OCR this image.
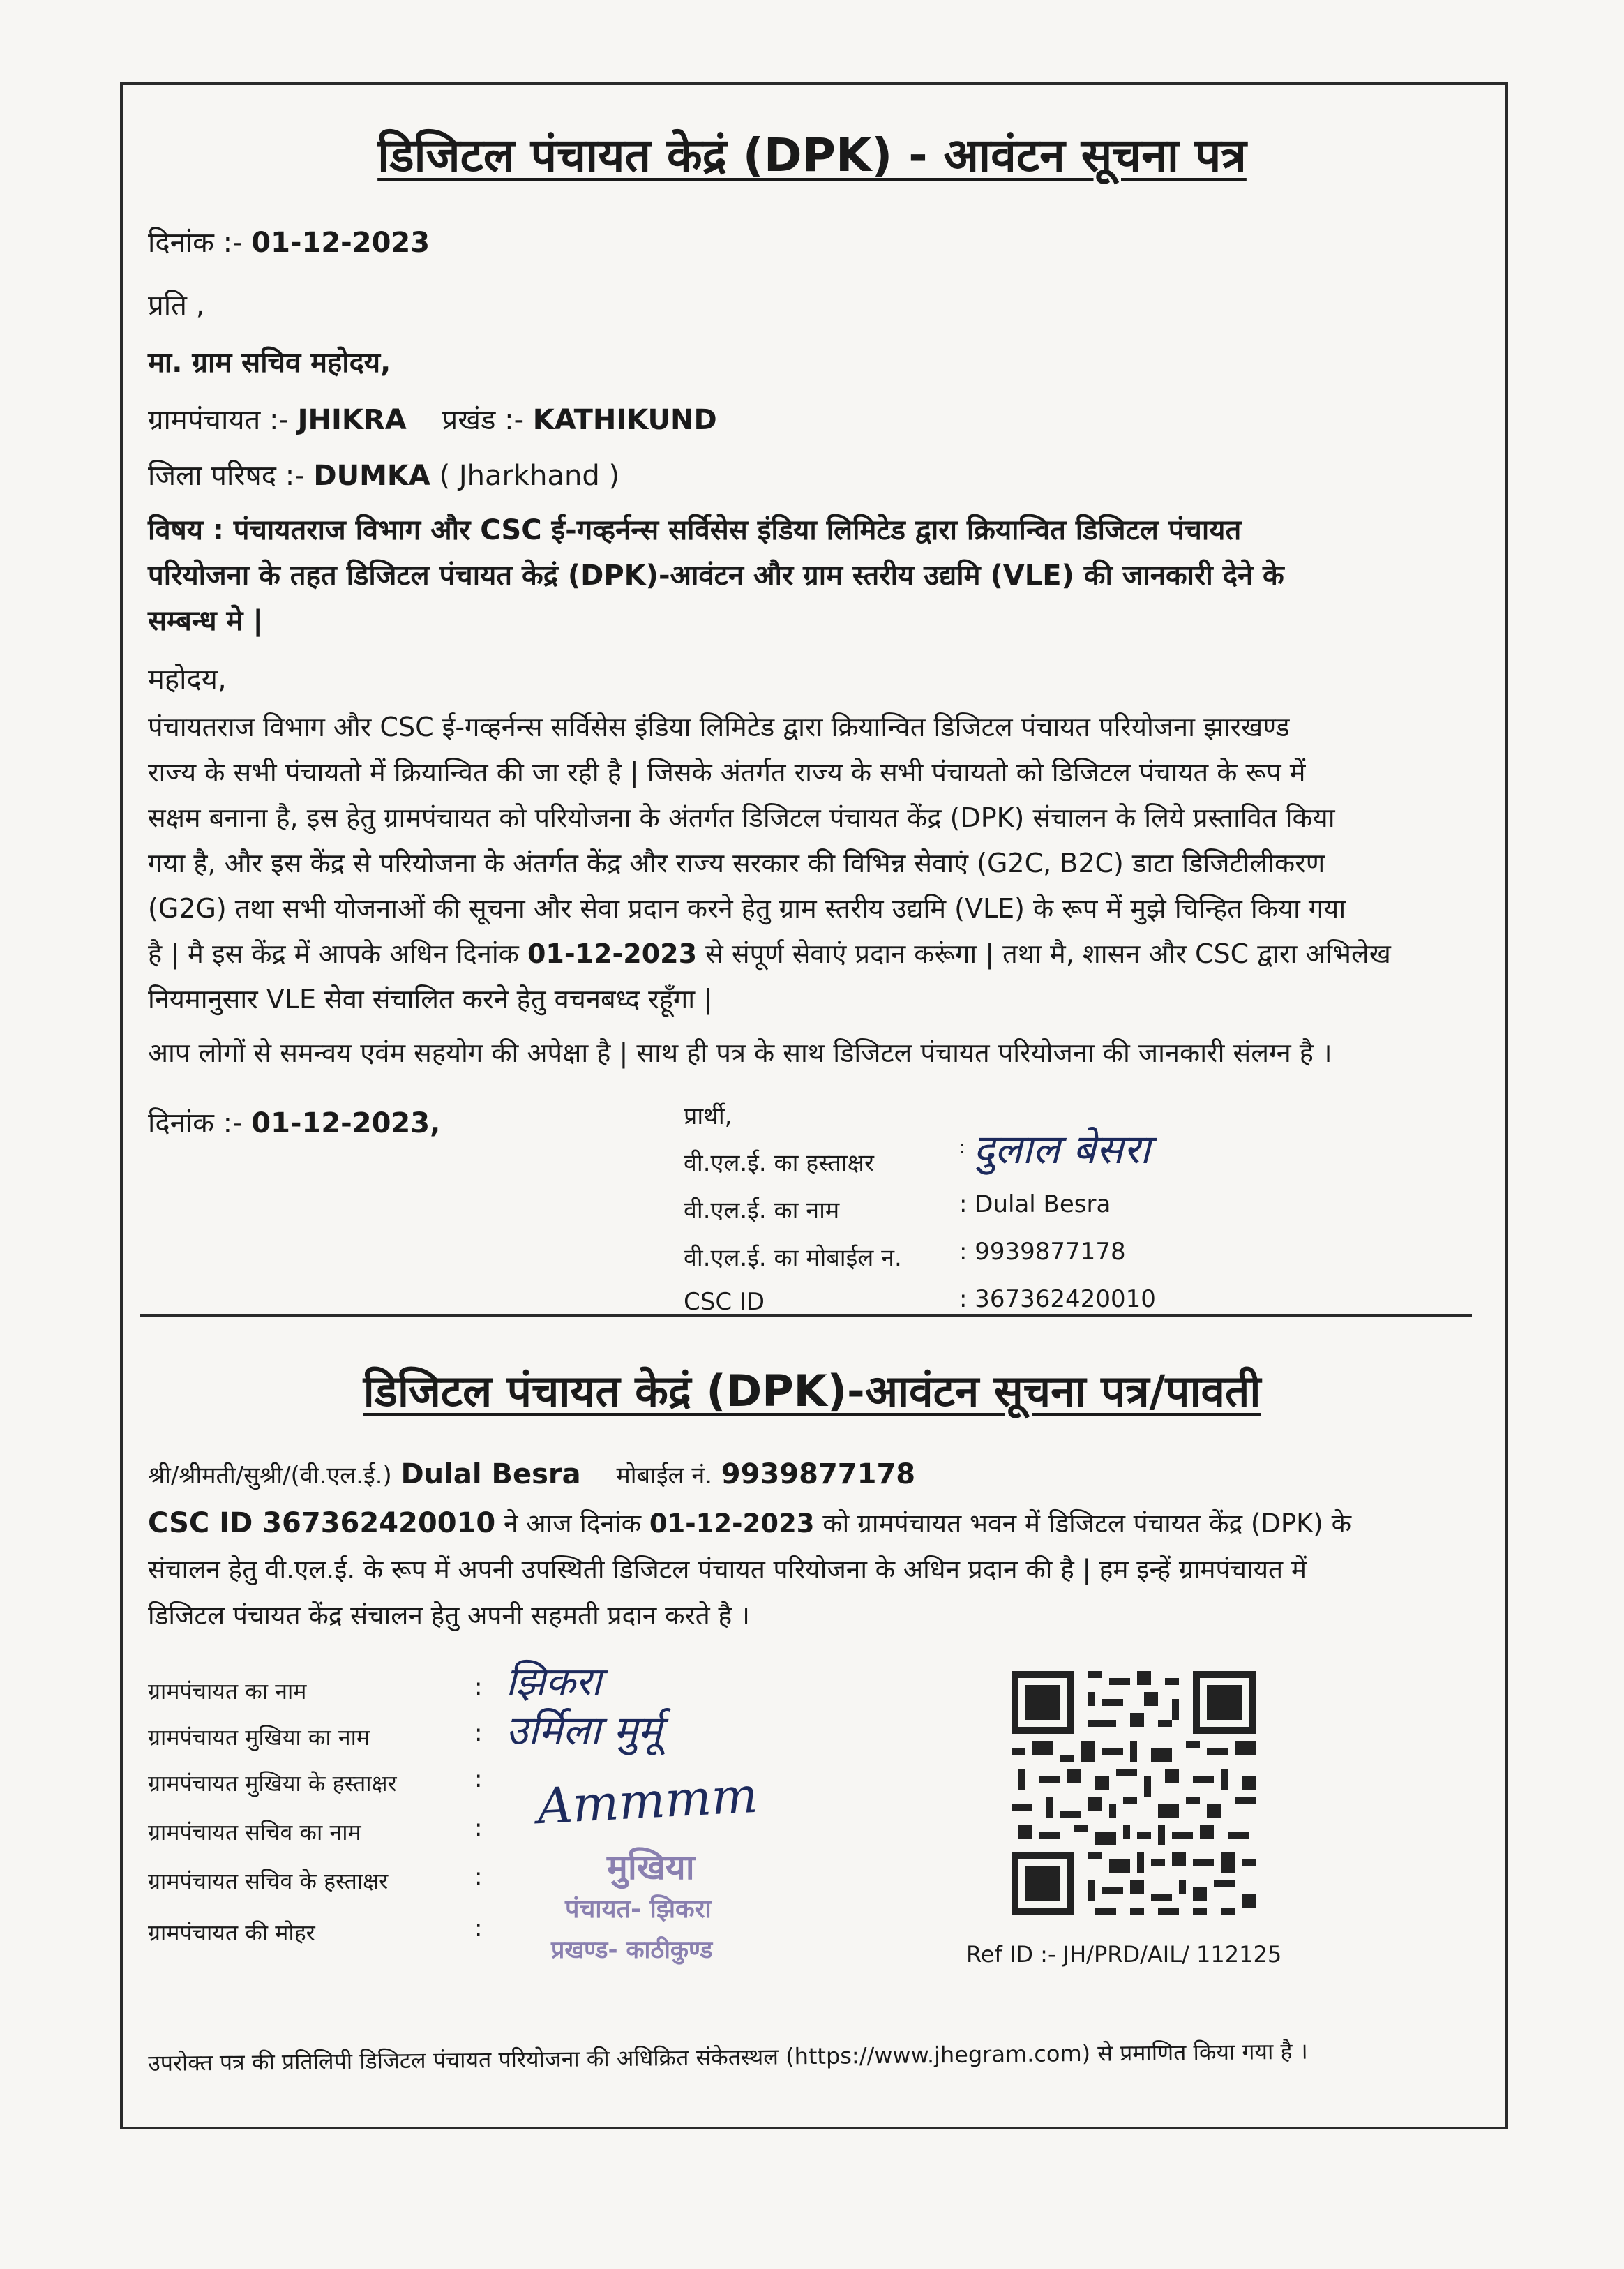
डिजिटल पंचायत केद्रं (DPK) - आवंटन सूचना पत्र
दिनांक :- 01-12-2023
प्रति ,
मा. ग्राम सचिव महोदय,
ग्रामपंचायत :- JHIKRA प्रखंड :- KATHIKUND
जिला परिषद :- DUMKA ( Jharkhand )
विषय : पंचायतराज विभाग और CSC ई-गव्हर्नन्स सर्विसेस इंडिया लिमिटेड द्वारा क्रियान्वित डिजिटल पंचायत
परियोजना के तहत डिजिटल पंचायत केद्रं (DPK)-आवंटन और ग्राम स्तरीय उद्यमि (VLE) की जानकारी देने के
सम्बन्ध मे |
महोदय,
पंचायतराज विभाग और CSC ई-गव्हर्नन्स सर्विसेस इंडिया लिमिटेड द्वारा क्रियान्वित डिजिटल पंचायत परियोजना झारखण्ड
राज्य के सभी पंचायतो में क्रियान्वित की जा रही है | जिसके अंतर्गत राज्य के सभी पंचायतो को डिजिटल पंचायत के रूप में
सक्षम बनाना है, इस हेतु ग्रामपंचायत को परियोजना के अंतर्गत डिजिटल पंचायत केंद्र (DPK) संचालन के लिये प्रस्तावित किया
गया है, और इस केंद्र से परियोजना के अंतर्गत केंद्र और राज्य सरकार की विभिन्न सेवाएं (G2C, B2C) डाटा डिजिटीलीकरण
(G2G) तथा सभी योजनाओं की सूचना और सेवा प्रदान करने हेतु ग्राम स्तरीय उद्यमि (VLE) के रूप में मुझे चिन्हित किया गया
है | मै इस केंद्र में आपके अधिन दिनांक 01-12-2023 से संपूर्ण सेवाएं प्रदान करूंगा | तथा मै, शासन और CSC द्वारा अभिलेख
नियमानुसार VLE सेवा संचालित करने हेतु वचनबध्द रहूँगा |
आप लोगों से समन्वय एवंम सहयोग की अपेक्षा है | साथ ही पत्र के साथ डिजिटल पंचायत परियोजना की जानकारी संलग्न है ।
दिनांक :- 01-12-2023,	प्रार्थी,
वी.एल.ई. का हस्ताक्षर
: दुलाल बेसरा
वी.एल.ई. का नाम	: Dulal Besra
वी.एल.ई. का मोबाईल न. : 9939877178
CSC ID	: 367362420010
डिजिटल पंचायत केद्रं (DPK)-आवंटन सूचना पत्र/पावती
श्री/श्रीमती/सुश्री/(वी.एल.ई.) Dulal Besra मोबाईल नं. 9939877178
CSC ID 367362420010 ने आज दिनांक 01-12-2023 को ग्रामपंचायत भवन में डिजिटल पंचायत केंद्र (DPK) के
संचालन हेतु वी.एल.ई. के रूप में अपनी उपस्थिती डिजिटल पंचायत परियोजना के अधिन प्रदान की है | हम इन्हें ग्रामपंचायत में
डिजिटल पंचायत केंद्र संचालन हेतु अपनी सहमती प्रदान करते है ।
ग्रामपंचायत का नाम	: झिकरा
ग्रामपंचायत मुखिया का नाम	: उर्मिला मुर्मू
ग्रामपंचायत मुखिया के हस्ताक्षर	: Ammmm
ग्रामपंचायत सचिव का नाम	:
ग्रामपंचायत सचिव के हस्ताक्षर	:
ग्रामपंचायत की मोहर	:
मुखिया
पंचायत- झिकरा
प्रखण्ड- काठीकुण्ड	Ref ID :- JH/PRD/AIL/ 112125
उपरोक्त पत्र की प्रतिलिपी डिजिटल पंचायत परियोजना की अधिक्रित संकेतस्थल (https://www.jhegram.com) से प्रमाणित किया गया है ।
